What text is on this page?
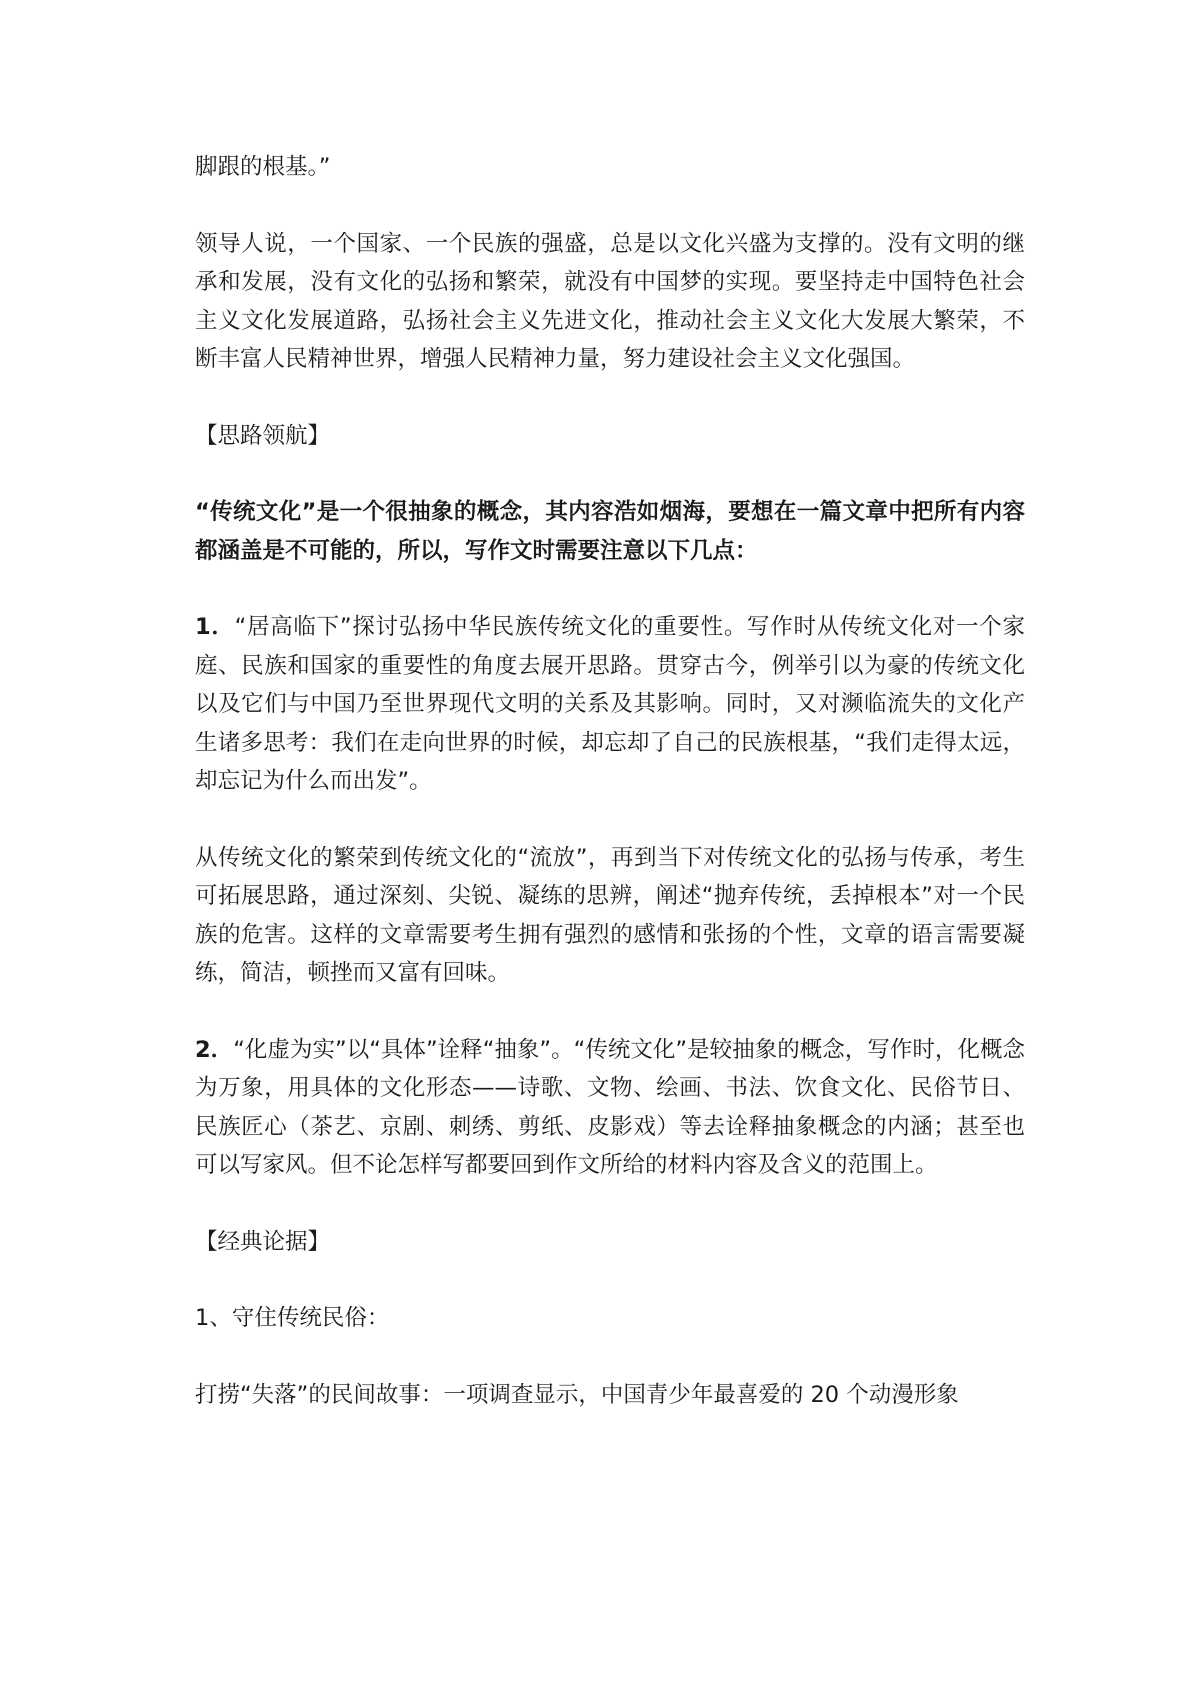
脚跟的根基。”

领导人说，一个国家、一个民族的强盛，总是以文化兴盛为支撑的。没有文明的继承和发展，没有文化的弘扬和繁荣，就没有中国梦的实现。要坚持走中国特色社会主义文化发展道路，弘扬社会主义先进文化，推动社会主义文化大发展大繁荣，不断丰富人民精神世界，增强人民精神力量，努力建设社会主义文化强国。

【思路领航】

“传统文化”是一个很抽象的概念，其内容浩如烟海，要想在一篇文章中把所有内容都涵盖是不可能的，所以，写作文时需要注意以下几点：

1．“居高临下”探讨弘扬中华民族传统文化的重要性。写作时从传统文化对一个家庭、民族和国家的重要性的角度去展开思路。贯穿古今，例举引以为豪的传统文化以及它们与中国乃至世界现代文明的关系及其影响。同时，又对濒临流失的文化产生诸多思考：我们在走向世界的时候，却忘却了自己的民族根基，“我们走得太远，却忘记为什么而出发”。

从传统文化的繁荣到传统文化的“流放”，再到当下对传统文化的弘扬与传承，考生可拓展思路，通过深刻、尖锐、凝练的思辨，阐述“抛弃传统，丢掉根本”对一个民族的危害。这样的文章需要考生拥有强烈的感情和张扬的个性，文章的语言需要凝练，简洁，顿挫而又富有回味。

2．“化虚为实”以“具体”诠释“抽象”。“传统文化”是较抽象的概念，写作时，化概念为万象，用具体的文化形态——诗歌、文物、绘画、书法、饮食文化、民俗节日、民族匠心（茶艺、京剧、刺绣、剪纸、皮影戏）等去诠释抽象概念的内涵；甚至也可以写家风。但不论怎样写都要回到作文所给的材料内容及含义的范围上。

【经典论据】

1、守住传统民俗：

打捞“失落”的民间故事：一项调查显示，中国青少年最喜爱的 20 个动漫形象
